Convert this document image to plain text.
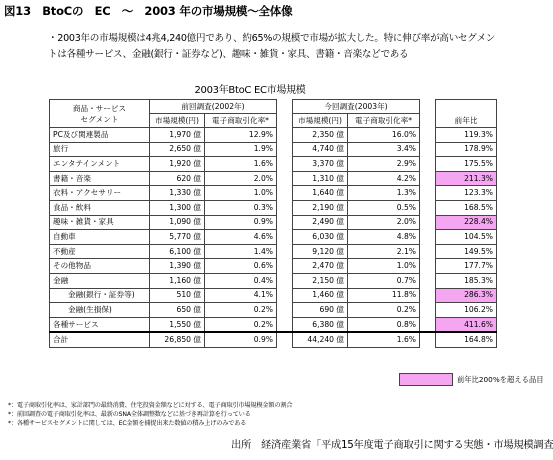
図13　BtoCの　EC　～　2003 年の市場規模～全体像

・2003年の市場規模は4兆4,240億円であり、約65%の規模で市場が拡大した。特に伸び率が高いセグメン

トは各種サービス、金融(銀行・証券など)、趣味・雑貨・家具、書籍・音楽などである

2003年BtoC EC市場規模
商品・サービス
セグメント	前回調査(2002年)			今回調査(2003年)			前年比
	市場規模(円)	電子商取引化率*		市場規模(円)	電子商取引化率*		
PC及び関連製品	1,970 億	12.9%		2,350 億	16.0%		119.3%
旅行	2,650 億	1.9%		4,740 億	3.4%		178.9%
エンタテインメント	1,920 億	1.6%		3,370 億	2.9%		175.5%
書籍・音楽	620 億	2.0%		1,310 億	4.2%		211.3%
衣料・アクセサリー	1,330 億	1.0%		1,640 億	1.3%		123.3%
食品・飲料	1,300 億	0.3%		2,190 億	0.5%		168.5%
趣味・雑貨・家具	1,090 億	0.9%		2,490 億	2.0%		228.4%
自動車	5,770 億	4.6%		6,030 億	4.8%		104.5%
不動産	6,100 億	1.4%		9,120 億	2.1%		149.5%
その他物品	1,390 億	0.6%		2,470 億	1.0%		177.7%
金融	1,160 億	0.4%		2,150 億	0.7%		185.3%
金融(銀行・証券等)	510 億	4.1%		1,460 億	11.8%		286.3%
金融(生損保)	650 億	0.2%		690 億	0.2%		106.2%
各種サービス	1,550 億	0.2%		6,380 億	0.8%		411.6%
合計	26,850 億	0.9%		44,240 億	1.6%		164.8%
前年比200%を超える品目
*：電子商取引化率は、家計部門の最終消費、住宅投資金額などに対する、電子商取引市場規模金額の割合
*：前回調査の電子商取引化率は、最新のSNA全体調整数などに基づき再計算を行っている
*：各種サービスセグメントに関しては、EC金額を捕捉出来た数値の積み上げのみである
出所　経済産業省「平成15年度電子商取引に関する実態・市場規模調査
